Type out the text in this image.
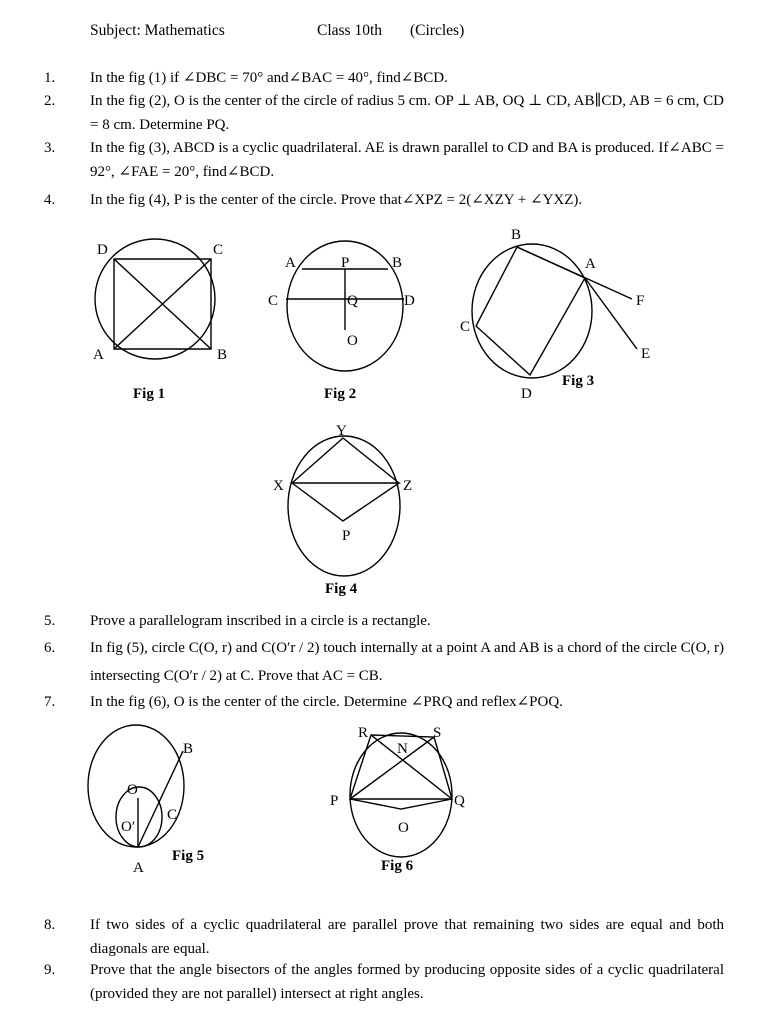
Subject: Mathematics	Class 10th (Circles)
1. In the fig (1) if ∠DBC = 70° and∠BAC = 40°, find∠BCD.
2. In the fig (2), O is the center of the circle of radius 5 cm. OP ⊥ AB, OQ ⊥ CD, AB∥CD, AB = 6 cm, CD = 8 cm. Determine PQ.
3. In the fig (3), ABCD is a cyclic quadrilateral. AE is drawn parallel to CD and BA is produced. If∠ABC = 92°, ∠FAE = 20°, find∠BCD.
4. In the fig (4), P is the center of the circle. Prove that∠XPZ = 2(∠XZY + ∠YXZ).
D	C
A	B
Fig 1
A	P	B
C	Q	D
O
Fig 2
B
A
F
C
E
D
Fig 3
Y
X	Z
P
Fig 4
5. Prove a parallelogram inscribed in a circle is a rectangle.
6. In fig (5), circle C(O, r) and C(O′r / 2) touch internally at a point A and AB is a chord of the circle C(O, r) intersecting C(O′r / 2) at C. Prove that AC = CB.
7. In the fig (6), O is the center of the circle. Determine ∠PRQ and reflex∠POQ.
B
O
O′
C
A
Fig 5
R
N
S
P	Q
O
Fig 6
8. If two sides of a cyclic quadrilateral are parallel prove that remaining two sides are equal and both diagonals are equal.
9. Prove that the angle bisectors of the angles formed by producing opposite sides of a cyclic quadrilateral (provided they are not parallel) intersect at right angles.
